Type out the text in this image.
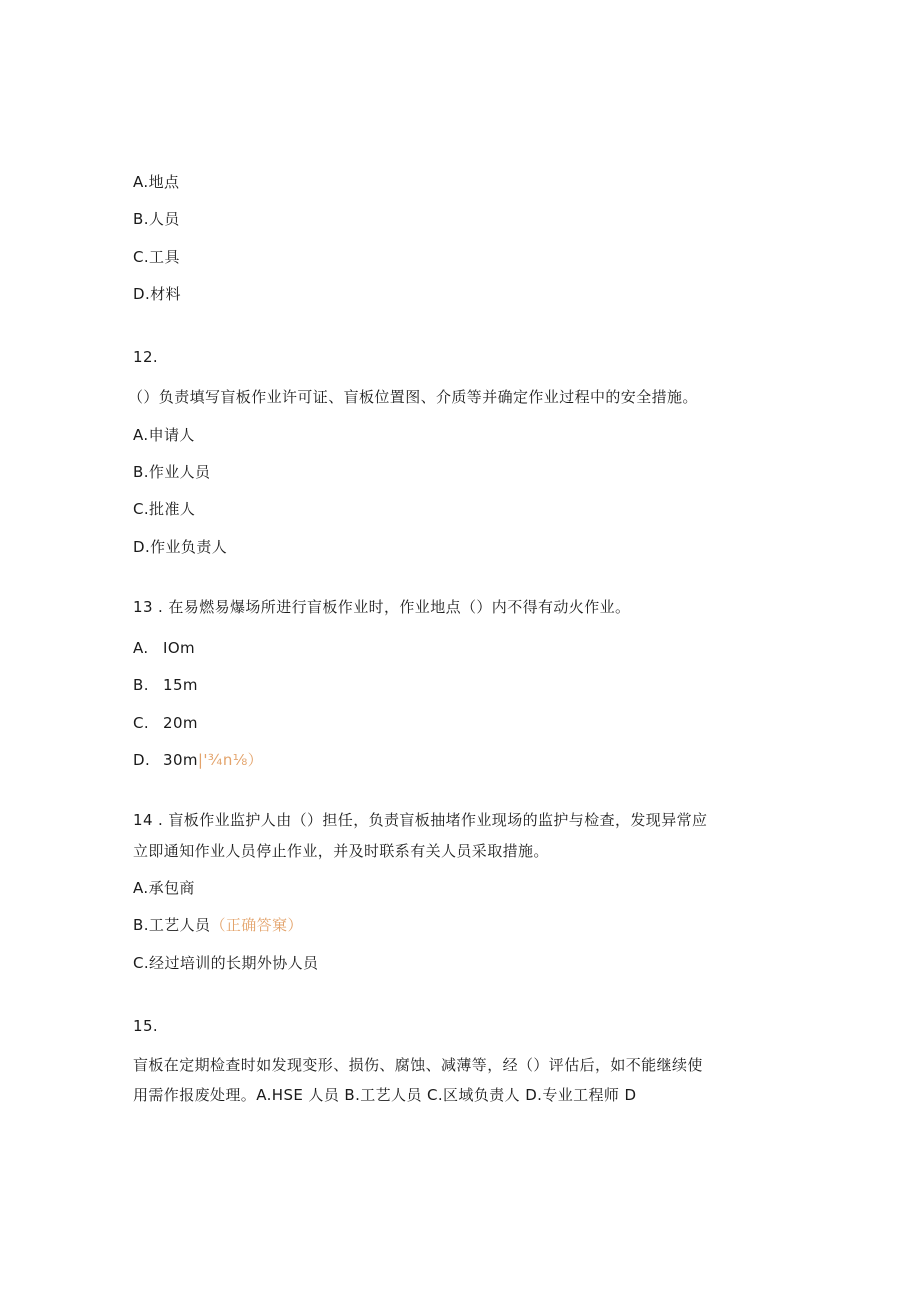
A.地点
B.人员
C.工具
D.材料
12.
（）负责填写盲板作业许可证、盲板位置图、介质等并确定作业过程中的安全措施。
A.申请人
B.作业人员
C.批准人
D.作业负责人
13 . 在易燃易爆场所进行盲板作业时，作业地点（）内不得有动火作业。
A. IOm
B. 15m
C. 20m
D. 30m|'¾n⅛）
14 . 盲板作业监护人由（）担任，负责盲板抽堵作业现场的监护与检查，发现异常应
立即通知作业人员停止作业，并及时联系有关人员采取措施。
A.承包商
B.工艺人员（正确答窠）
C.经过培训的长期外协人员
15.
盲板在定期检查时如发现变形、损伤、腐蚀、减薄等，经（）评估后，如不能继续使
用需作报废处理。A.HSE 人员 B.工艺人员 C.区域负责人 D.专业工程师 D
